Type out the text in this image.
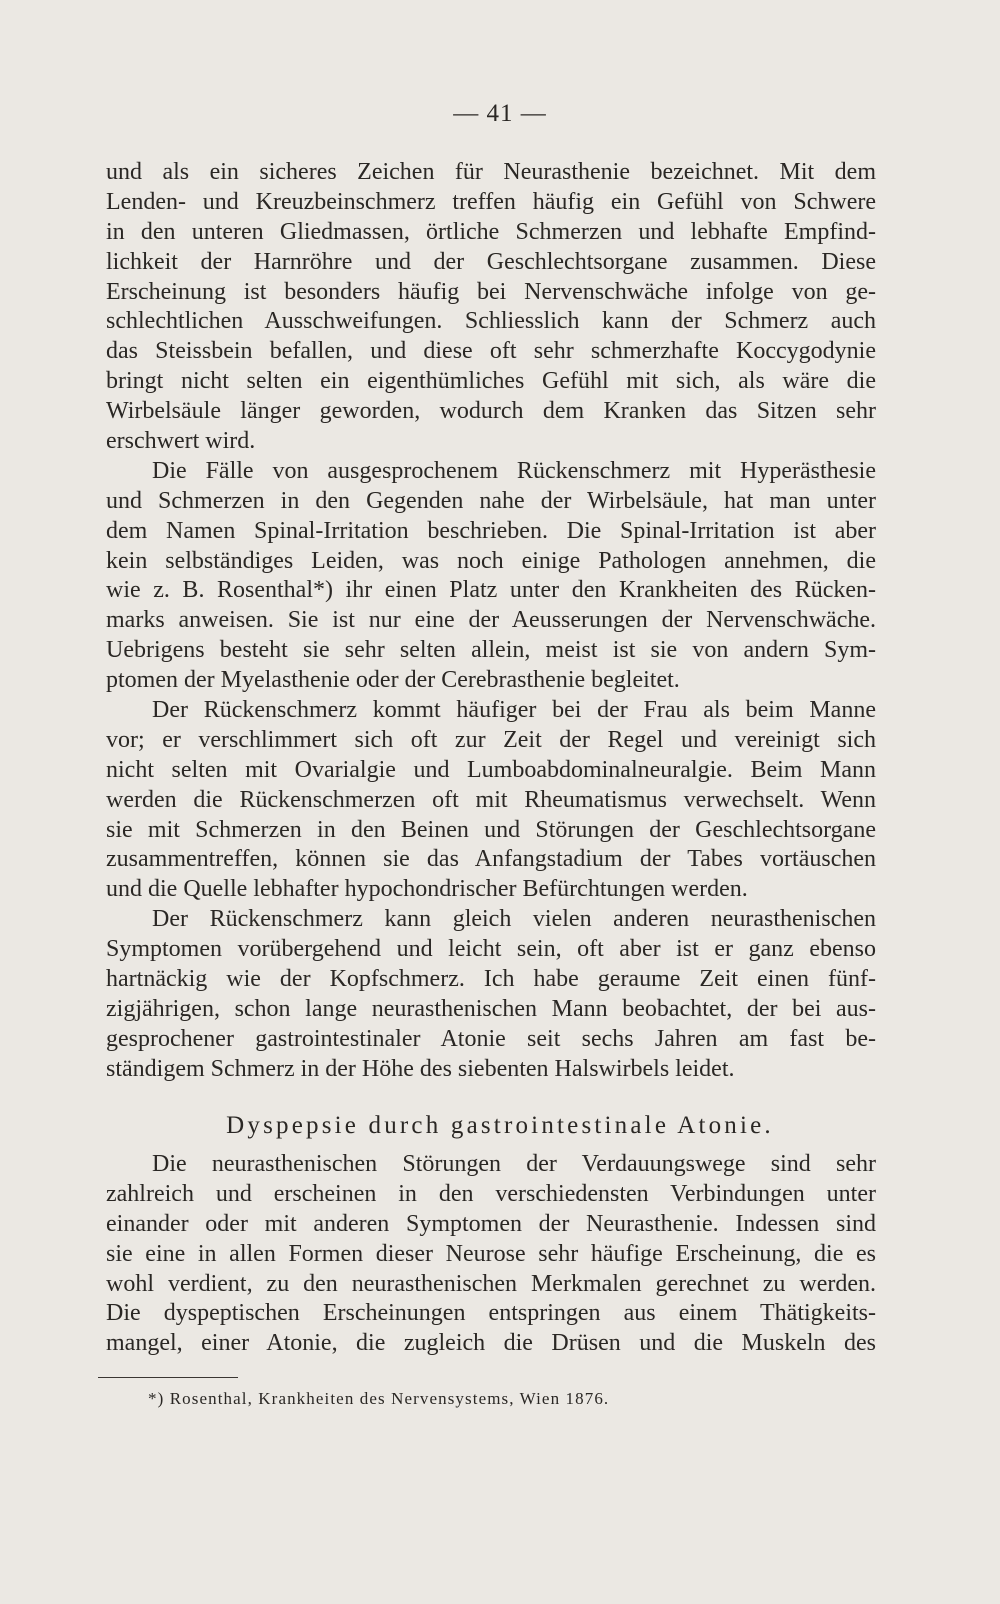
— 41 —
und als ein sicheres Zeichen für Neurasthenie bezeichnet. Mit dem
Lenden- und Kreuzbeinschmerz treffen häufig ein Gefühl von Schwere
in den unteren Gliedmassen, örtliche Schmerzen und lebhafte Empfind-
lichkeit der Harnröhre und der Geschlechtsorgane zusammen. Diese
Erscheinung ist besonders häufig bei Nervenschwäche infolge von ge-
schlechtlichen Ausschweifungen. Schliesslich kann der Schmerz auch
das Steissbein befallen, und diese oft sehr schmerzhafte Koccygodynie
bringt nicht selten ein eigenthümliches Gefühl mit sich, als wäre die
Wirbelsäule länger geworden, wodurch dem Kranken das Sitzen sehr
erschwert wird.
Die Fälle von ausgesprochenem Rückenschmerz mit Hyperästhesie
und Schmerzen in den Gegenden nahe der Wirbelsäule, hat man unter
dem Namen Spinal-Irritation beschrieben. Die Spinal-Irritation ist aber
kein selbständiges Leiden, was noch einige Pathologen annehmen, die
wie z. B. Rosenthal*) ihr einen Platz unter den Krankheiten des Rücken-
marks anweisen. Sie ist nur eine der Aeusserungen der Nervenschwäche.
Uebrigens besteht sie sehr selten allein, meist ist sie von andern Sym-
ptomen der Myelasthenie oder der Cerebrasthenie begleitet.
Der Rückenschmerz kommt häufiger bei der Frau als beim Manne
vor; er verschlimmert sich oft zur Zeit der Regel und vereinigt sich
nicht selten mit Ovarialgie und Lumboabdominalneuralgie. Beim Mann
werden die Rückenschmerzen oft mit Rheumatismus verwechselt. Wenn
sie mit Schmerzen in den Beinen und Störungen der Geschlechtsorgane
zusammentreffen, können sie das Anfangstadium der Tabes vortäuschen
und die Quelle lebhafter hypochondrischer Befürchtungen werden.
Der Rückenschmerz kann gleich vielen anderen neurasthenischen
Symptomen vorübergehend und leicht sein, oft aber ist er ganz ebenso
hartnäckig wie der Kopfschmerz. Ich habe geraume Zeit einen fünf-
zigjährigen, schon lange neurasthenischen Mann beobachtet, der bei aus-
gesprochener gastrointestinaler Atonie seit sechs Jahren am fast be-
ständigem Schmerz in der Höhe des siebenten Halswirbels leidet.
Dyspepsie durch gastrointestinale Atonie.
Die neurasthenischen Störungen der Verdauungswege sind sehr
zahlreich und erscheinen in den verschiedensten Verbindungen unter
einander oder mit anderen Symptomen der Neurasthenie. Indessen sind
sie eine in allen Formen dieser Neurose sehr häufige Erscheinung, die es
wohl verdient, zu den neurasthenischen Merkmalen gerechnet zu werden.
Die dyspeptischen Erscheinungen entspringen aus einem Thätigkeits-
mangel, einer Atonie, die zugleich die Drüsen und die Muskeln des
*) Rosenthal, Krankheiten des Nervensystems, Wien 1876.
